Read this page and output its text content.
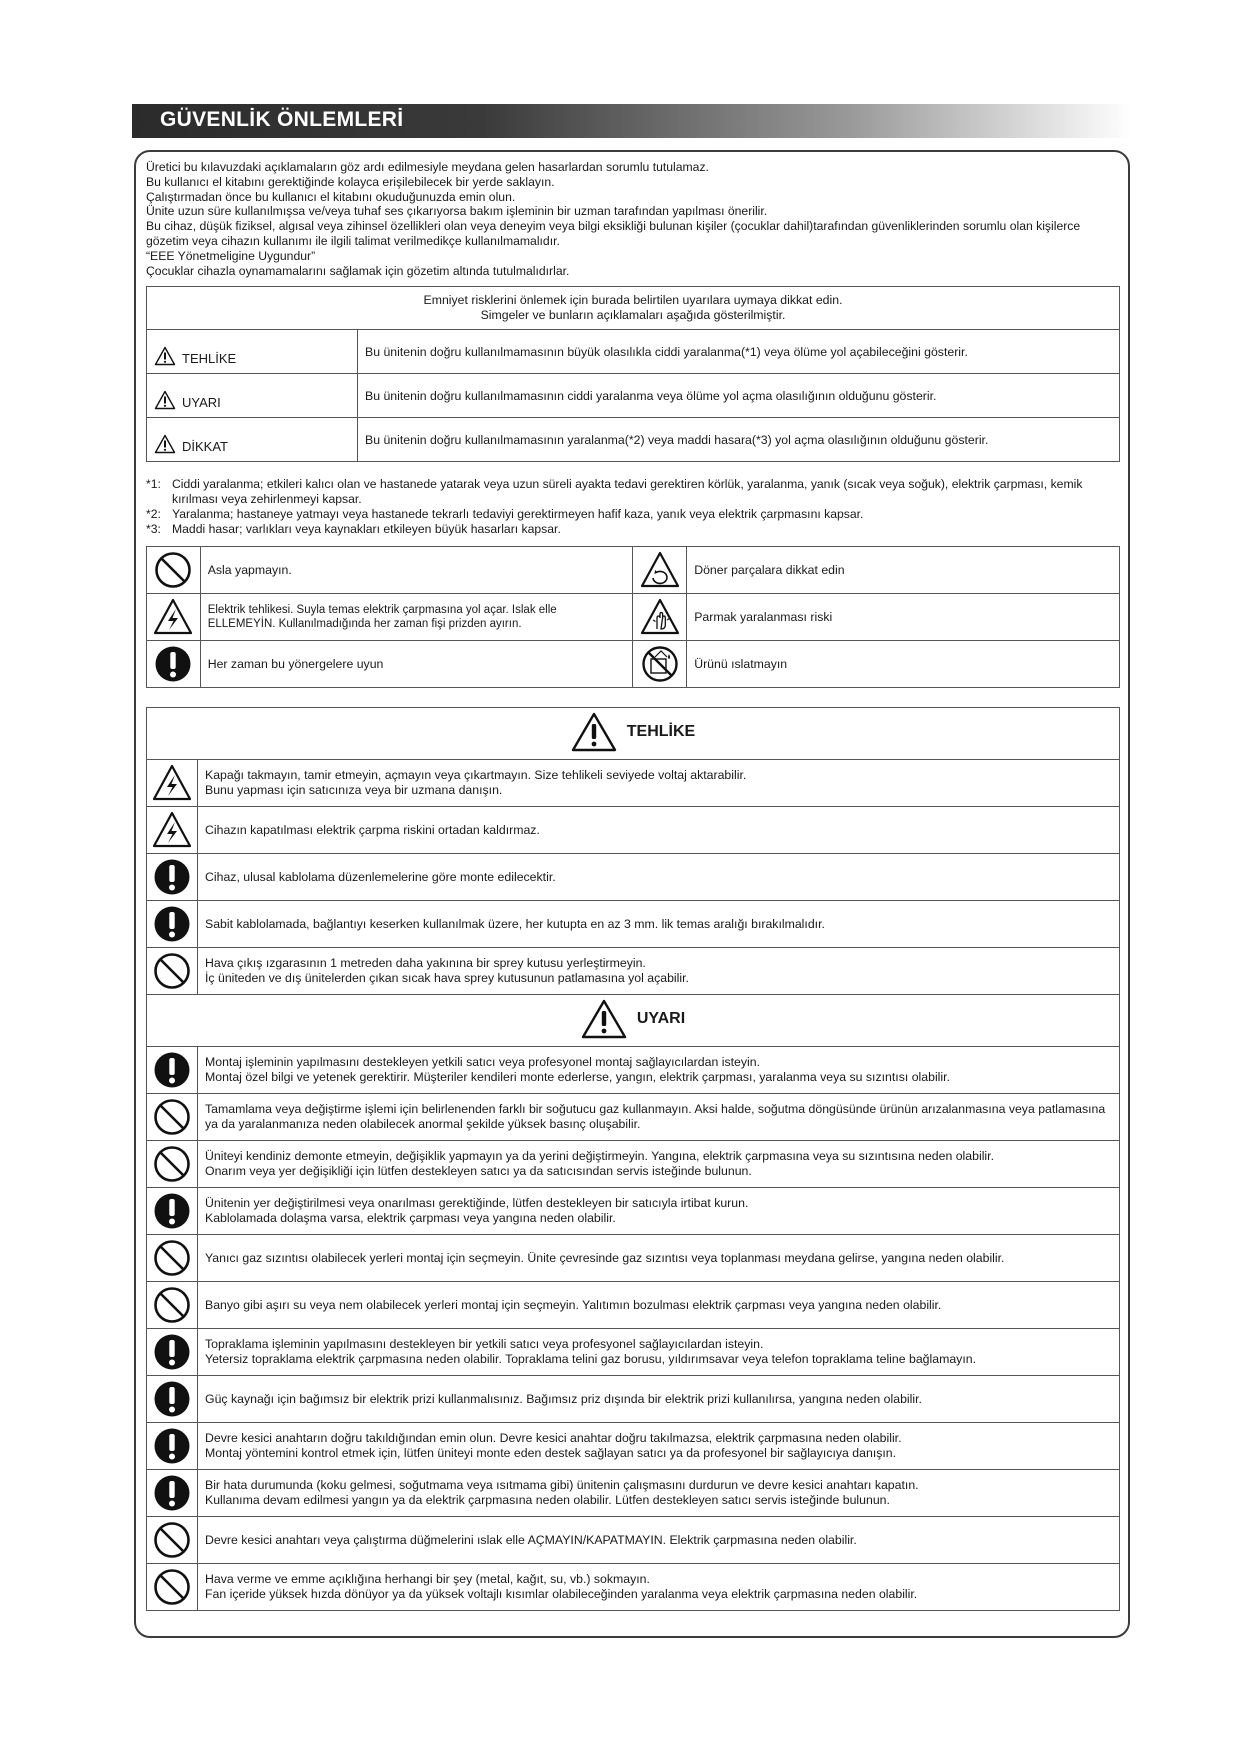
GÜVENLİK ÖNLEMLERİ
Üretici bu kılavuzdaki açıklamaların göz ardı edilmesiyle meydana gelen hasarlardan sorumlu tutulamaz.
Bu kullanıcı el kitabını gerektiğinde kolayca erişilebilecek bir yerde saklayın.
Çalıştırmadan önce bu kullanıcı el kitabını okuduğunuzda emin olun.
Ünite uzun süre kullanılmışsa ve/veya tuhaf ses çıkarıyorsa bakım işleminin bir uzman tarafından yapılması önerilir.
Bu cihaz, düşük fiziksel, algısal veya zihinsel özellikleri olan veya deneyim veya bilgi eksikliği bulunan kişiler (çocuklar dahil)tarafından güvenliklerinden sorumlu olan kişilerce gözetim veya cihazın kullanımı ile ilgili talimat verilmedikçe kullanılmamalıdır.
“EEE Yönetmeligine Uygundur”
Çocuklar cihazla oynamamalarını sağlamak için gözetim altında tutulmalıdırlar.
Emniyet risklerini önlemek için burada belirtilen uyarılara uymaya dikkat edin.
Simgeler ve bunların açıklamaları aşağıda gösterilmiştir.	

TEHLİKE	Bu ünitenin doğru kullanılmamasının büyük olasılıkla ciddi yaralanma(*1) veya ölüme yol açabileceğini gösterir.

UYARI	Bu ünitenin doğru kullanılmamasının ciddi yaralanma veya ölüme yol açma olasılığının olduğunu gösterir.

DİKKAT	Bu ünitenin doğru kullanılmamasının yaralanma(*2) veya maddi hasara(*3) yol açma olasılığının olduğunu gösterir.
*1: Ciddi yaralanma; etkileri kalıcı olan ve hastanede yatarak veya uzun süreli ayakta tedavi gerektiren körlük, yaralanma, yanık (sıcak veya soğuk), elektrik çarpması, kemik kırılması veya zehirlenmeyi kapsar.
*2: Yaralanma; hastaneye yatmayı veya hastanede tekrarlı tedaviyi gerektirmeyen hafif kaza, yanık veya elektrik çarpmasını kapsar.
*3: Maddi hasar; varlıkları veya kaynakları etkileyen büyük hasarları kapsar.
	Asla yapmayın.		Döner parçalara dikkat edin

	Elektrik tehlikesi. Suyla temas elektrik çarpmasına yol açar. Islak elle ELLEMEYİN. Kullanılmadığında her zaman fişi prizden ayırın.		Parmak yaralanması riski

	Her zaman bu yönergelere uyun		Ürünü ıslatmayın
TEHLİKE	

Kapağı takmayın, tamir etmeyin, açmayın veya çıkartmayın. Size tehlikeli seviyede voltaj aktarabilir.
Bunu yapması için satıcınıza veya bir uzmana danışın.

Cihazın kapatılması elektrik çarpma riskini ortadan kaldırmaz.

Cihaz, ulusal kablolama düzenlemelerine göre monte edilecektir.

Sabit kablolamada, bağlantıyı keserken kullanılmak üzere, her kutupta en az 3 mm. lik temas aralığı bırakılmalıdır.

Hava çıkış ızgarasının 1 metreden daha yakınına bir sprey kutusu yerleştirmeyin.
İç üniteden ve dış ünitelerden çıkan sıcak hava sprey kutusunun patlamasına yol açabilir.

UYARI	

Montaj işleminin yapılmasını destekleyen yetkili satıcı veya profesyonel montaj sağlayıcılardan isteyin.
Montaj özel bilgi ve yetenek gerektirir. Müşteriler kendileri monte ederlerse, yangın, elektrik çarpması, yaralanma veya su sızıntısı olabilir.

Tamamlama veya değiştirme işlemi için belirlenenden farklı bir soğutucu gaz kullanmayın. Aksi halde, soğutma döngüsünde ürünün arızalanmasına veya patlamasına ya da yaralanmanıza neden olabilecek anormal şekilde yüksek basınç oluşabilir.

Üniteyi kendiniz demonte etmeyin, değişiklik yapmayın ya da yerini değiştirmeyin. Yangına, elektrik çarpmasına veya su sızıntısına neden olabilir.
Onarım veya yer değişikliği için lütfen destekleyen satıcı ya da satıcısından servis isteğinde bulunun.

Ünitenin yer değiştirilmesi veya onarılması gerektiğinde, lütfen destekleyen bir satıcıyla irtibat kurun.
Kablolamada dolaşma varsa, elektrik çarpması veya yangına neden olabilir.

Yanıcı gaz sızıntısı olabilecek yerleri montaj için seçmeyin. Ünite çevresinde gaz sızıntısı veya toplanması meydana gelirse, yangına neden olabilir.

Banyo gibi aşırı su veya nem olabilecek yerleri montaj için seçmeyin. Yalıtımın bozulması elektrik çarpması veya yangına neden olabilir.

Topraklama işleminin yapılmasını destekleyen bir yetkili satıcı veya profesyonel sağlayıcılardan isteyin.
Yetersiz topraklama elektrik çarpmasına neden olabilir. Topraklama telini gaz borusu, yıldırımsavar veya telefon topraklama teline bağlamayın.

Güç kaynağı için bağımsız bir elektrik prizi kullanmalısınız. Bağımsız priz dışında bir elektrik prizi kullanılırsa, yangına neden olabilir.

Devre kesici anahtarın doğru takıldığından emin olun. Devre kesici anahtar doğru takılmazsa, elektrik çarpmasına neden olabilir.
Montaj yöntemini kontrol etmek için, lütfen üniteyi monte eden destek sağlayan satıcı ya da profesyonel bir sağlayıcıya danışın.

Bir hata durumunda (koku gelmesi, soğutmama veya ısıtmama gibi) ünitenin çalışmasını durdurun ve devre kesici anahtarı kapatın.
Kullanıma devam edilmesi yangın ya da elektrik çarpmasına neden olabilir. Lütfen destekleyen satıcı servis isteğinde bulunun.

Devre kesici anahtarı veya çalıştırma düğmelerini ıslak elle AÇMAYIN/KAPATMAYIN. Elektrik çarpmasına neden olabilir.

Hava verme ve emme açıklığına herhangi bir şey (metal, kağıt, su, vb.) sokmayın.
Fan içeride yüksek hızda dönüyor ya da yüksek voltajlı kısımlar olabileceğinden yaralanma veya elektrik çarpmasına neden olabilir.
